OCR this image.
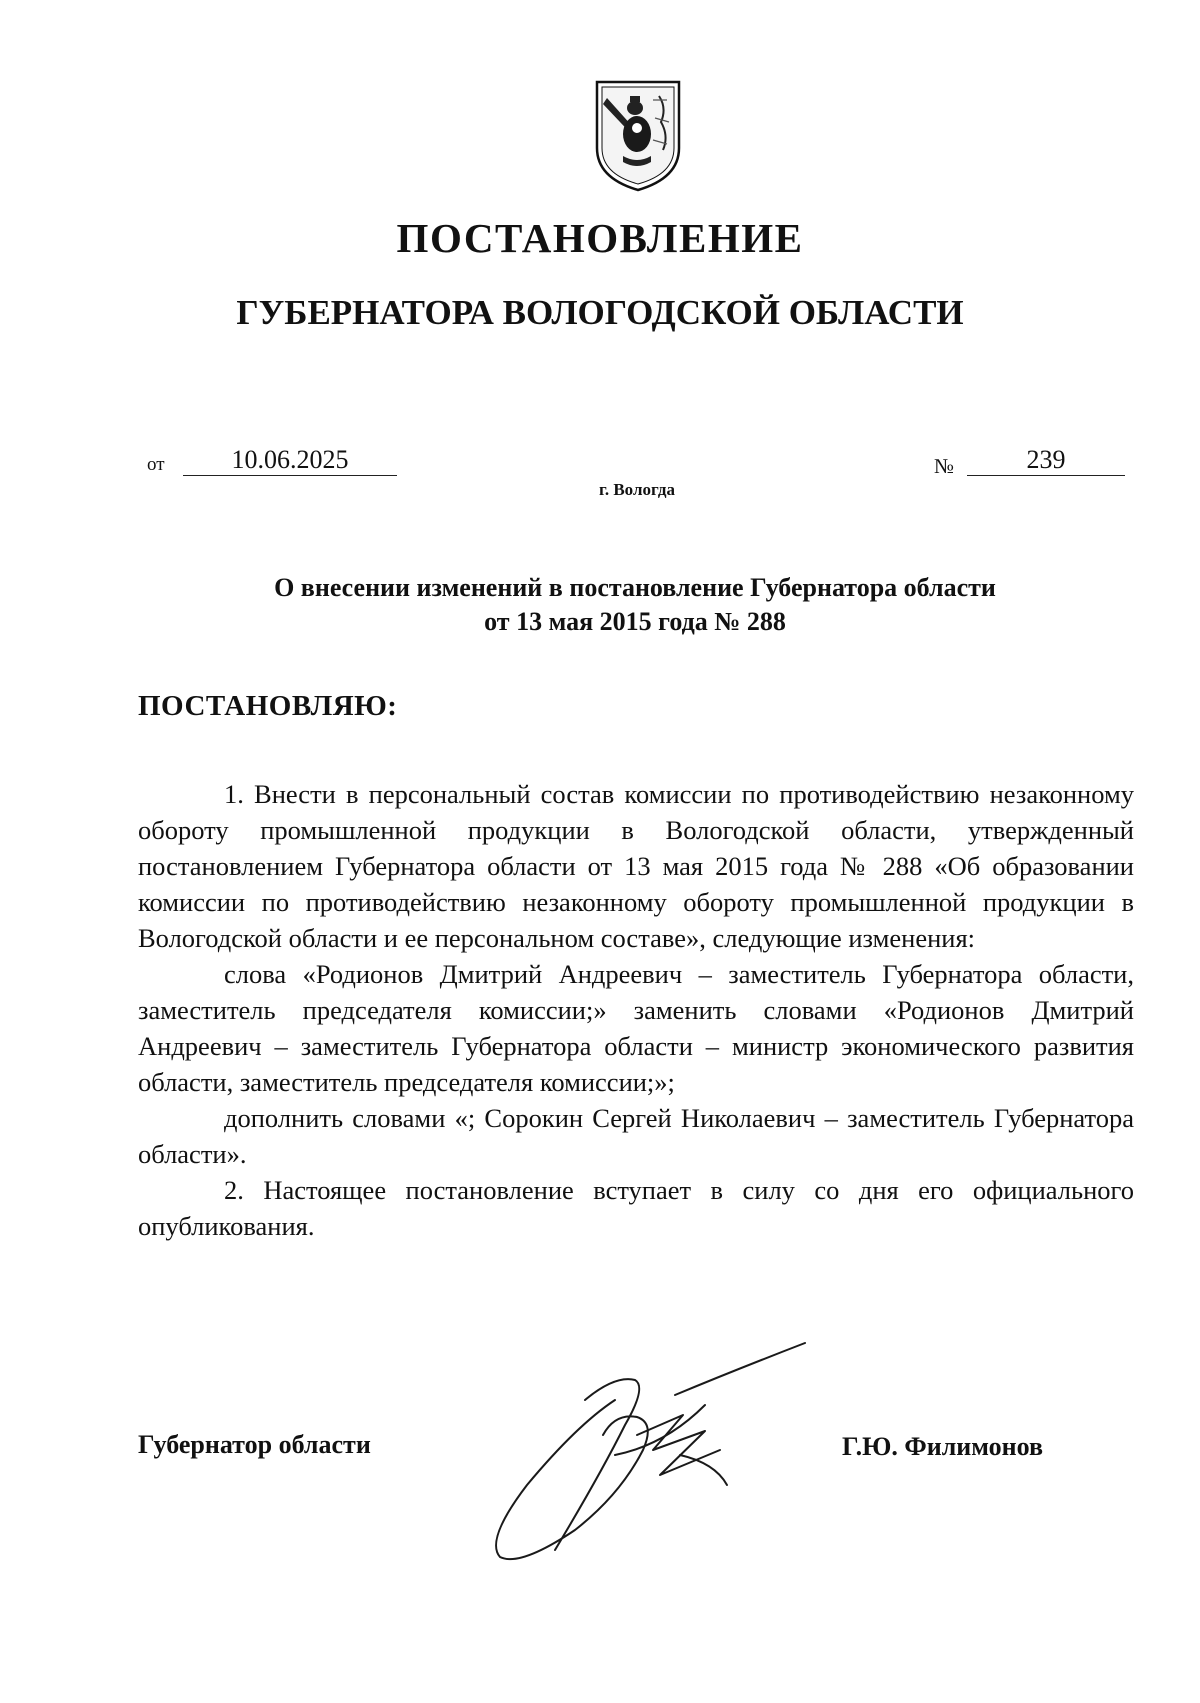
ПОСТАНОВЛЕНИЕ
ГУБЕРНАТОРА ВОЛОГОДСКОЙ ОБЛАСТИ
от	10.06.2025	№	239
г. Вологда
О внесении изменений в постановление Губернатора области
от 13 мая 2015 года № 288
ПОСТАНОВЛЯЮ:

1. Внести в персональный состав комиссии по противодействию незаконному обороту промышленной продукции в Вологодской области, утвержденный постановлением Губернатора области от 13 мая 2015 года № 288 «Об образовании комиссии по противодействию незаконному обороту промышленной продукции в Вологодской области и ее персональном составе», следующие изменения:

слова «Родионов Дмитрий Андреевич – заместитель Губернатора области, заместитель председателя комиссии;» заменить словами «Родионов Дмитрий Андреевич – заместитель Губернатора области – министр экономического развития области, заместитель председателя комиссии;»;

дополнить словами «; Сорокин Сергей Николаевич – заместитель Губернатора области».

2. Настоящее постановление вступает в силу со дня его официального опубликования.

Губернатор области	Г.Ю. Филимонов
